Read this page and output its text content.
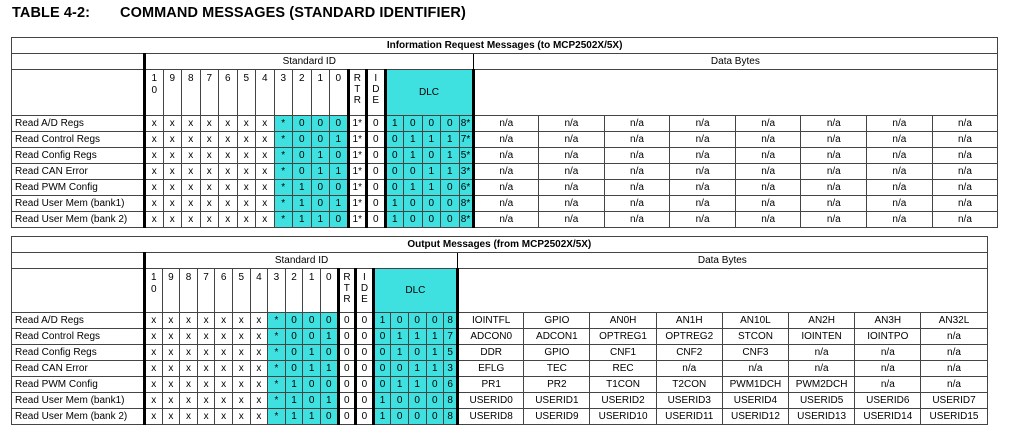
TABLE 4-2: COMMAND MESSAGES (STANDARD IDENTIFIER)
Information Request Messages (to MCP2502X/5X)																										
	Standard ID																		Data Bytes							
	1 0	9	8	7	6	5	4	3	2	1	0	R T R	I D E	DLC												
Read A/D Regs	x	x	x	x	x	x	x	*	0	0	0	1*	0	1	0	0	0	8*	n/a	n/a	n/a	n/a	n/a	n/a	n/a	n/a
Read Control Regs	x	x	x	x	x	x	x	*	0	0	1	1*	0	0	1	1	1	7*	n/a	n/a	n/a	n/a	n/a	n/a	n/a	n/a
Read Config Regs	x	x	x	x	x	x	x	*	0	1	0	1*	0	0	1	0	1	5*	n/a	n/a	n/a	n/a	n/a	n/a	n/a	n/a
Read CAN Error	x	x	x	x	x	x	x	*	0	1	1	1*	0	0	0	1	1	3*	n/a	n/a	n/a	n/a	n/a	n/a	n/a	n/a
Read PWM Config	x	x	x	x	x	x	x	*	1	0	0	1*	0	0	1	1	0	6*	n/a	n/a	n/a	n/a	n/a	n/a	n/a	n/a
Read User Mem (bank1)	x	x	x	x	x	x	x	*	1	0	1	1*	0	1	0	0	0	8*	n/a	n/a	n/a	n/a	n/a	n/a	n/a	n/a
Read User Mem (bank 2)	x	x	x	x	x	x	x	*	1	1	0	1*	0	1	0	0	0	8*	n/a	n/a	n/a	n/a	n/a	n/a	n/a	n/a
Output Messages (from MCP2502X/5X)																										
	Standard ID																		Data Bytes							
	1 0	9	8	7	6	5	4	3	2	1	0	R T R	I D E	DLC												
Read A/D Regs	x	x	x	x	x	x	x	*	0	0	0	0	0	1	0	0	0	8	IOINTFL	GPIO	AN0H	AN1H	AN10L	AN2H	AN3H	AN32L
Read Control Regs	x	x	x	x	x	x	x	*	0	0	1	0	0	0	1	1	1	7	ADCON0	ADCON1	OPTREG1	OPTREG2	STCON	IOINTEN	IOINTPO	n/a
Read Config Regs	x	x	x	x	x	x	x	*	0	1	0	0	0	0	1	0	1	5	DDR	GPIO	CNF1	CNF2	CNF3	n/a	n/a	n/a
Read CAN Error	x	x	x	x	x	x	x	*	0	1	1	0	0	0	0	1	1	3	EFLG	TEC	REC	n/a	n/a	n/a	n/a	n/a
Read PWM Config	x	x	x	x	x	x	x	*	1	0	0	0	0	0	1	1	0	6	PR1	PR2	T1CON	T2CON	PWM1DCH	PWM2DCH	n/a	n/a
Read User Mem (bank1)	x	x	x	x	x	x	x	*	1	0	1	0	0	1	0	0	0	8	USERID0	USERID1	USERID2	USERID3	USERID4	USERID5	USERID6	USERID7
Read User Mem (bank 2)	x	x	x	x	x	x	x	*	1	1	0	0	0	1	0	0	0	8	USERID8	USERID9	USERID10	USERID11	USERID12	USERID13	USERID14	USERID15
